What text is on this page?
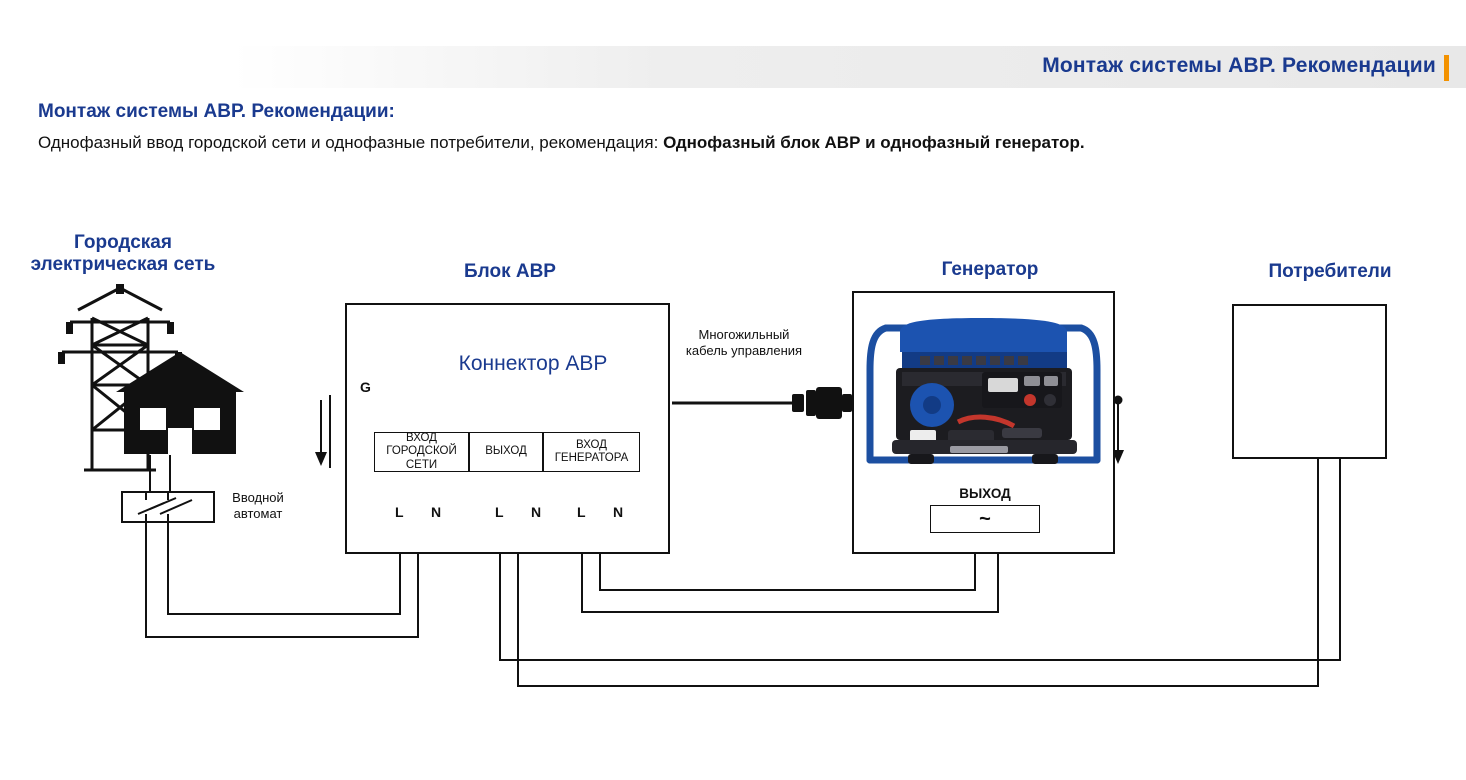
Монтаж системы АВР. Рекомендации
Монтаж системы АВР. Рекомендации:
Однофазный ввод городской сети и однофазные потребители, рекомендация: Однофазный блок АВР и однофазный генератор.
Городская электрическая сеть	Блок АВР	Генератор	Потребители
Коннектор АВР
G
ВХОД ГОРОДСКОЙ СЕТИ
ВЫХОД
ВХОД ГЕНЕРАТОРА
L N	L N	L N
Вводной автомат
Многожильный кабель управления
ВЫХОД
~
